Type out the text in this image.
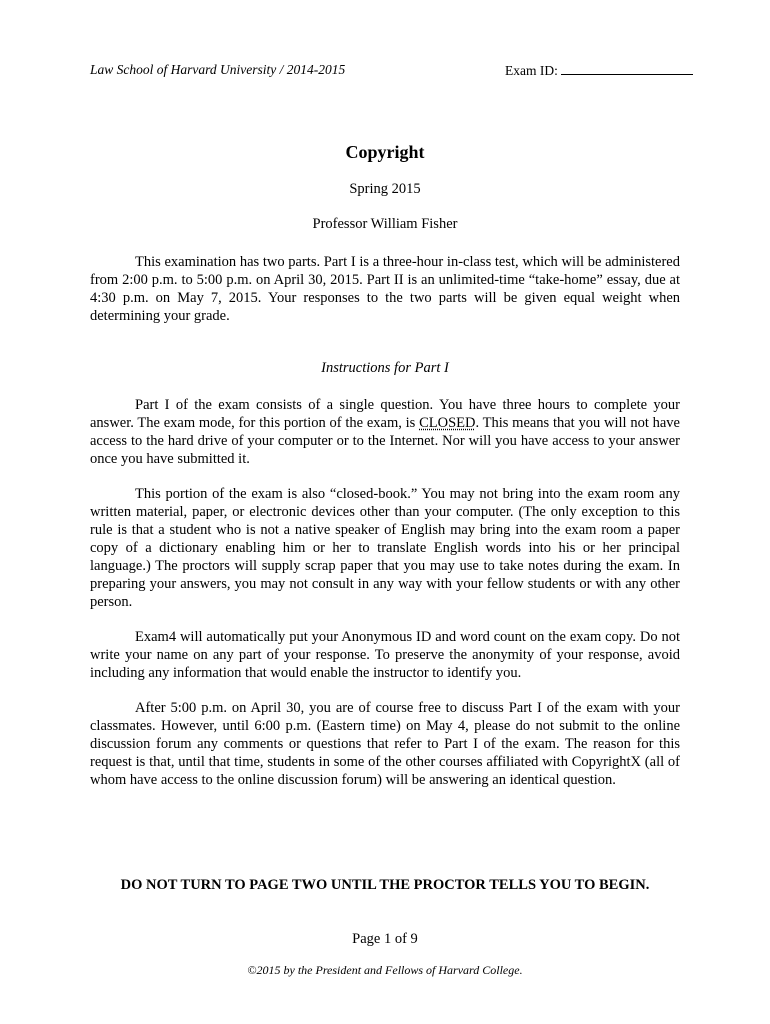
Law School of Harvard University / 2014-2015	Exam ID:
Copyright
Spring 2015
Professor William Fisher

This examination has two parts. Part I is a three-hour in-class test, which will be administered from 2:00 p.m. to 5:00 p.m. on April 30, 2015. Part II is an unlimited-time “take-home” essay, due at 4:30 p.m. on May 7, 2015. Your responses to the two parts will be given equal weight when determining your grade.

Instructions for Part I

Part I of the exam consists of a single question. You have three hours to complete your answer. The exam mode, for this portion of the exam, is CLOSED. This means that you will not have access to the hard drive of your computer or to the Internet. Nor will you have access to your answer once you have submitted it.

This portion of the exam is also “closed-book.” You may not bring into the exam room any written material, paper, or electronic devices other than your computer. (The only exception to this rule is that a student who is not a native speaker of English may bring into the exam room a paper copy of a dictionary enabling him or her to translate English words into his or her principal language.) The proctors will supply scrap paper that you may use to take notes during the exam. In preparing your answers, you may not consult in any way with your fellow students or with any other person.

Exam4 will automatically put your Anonymous ID and word count on the exam copy. Do not write your name on any part of your response. To preserve the anonymity of your response, avoid including any information that would enable the instructor to identify you.

After 5:00 p.m. on April 30, you are of course free to discuss Part I of the exam with your classmates. However, until 6:00 p.m. (Eastern time) on May 4, please do not submit to the online discussion forum any comments or questions that refer to Part I of the exam. The reason for this request is that, until that time, students in some of the other courses affiliated with CopyrightX (all of whom have access to the online discussion forum) will be answering an identical question.

DO NOT TURN TO PAGE TWO UNTIL THE PROCTOR TELLS YOU TO BEGIN.
Page 1 of 9
©2015 by the President and Fellows of Harvard College.
